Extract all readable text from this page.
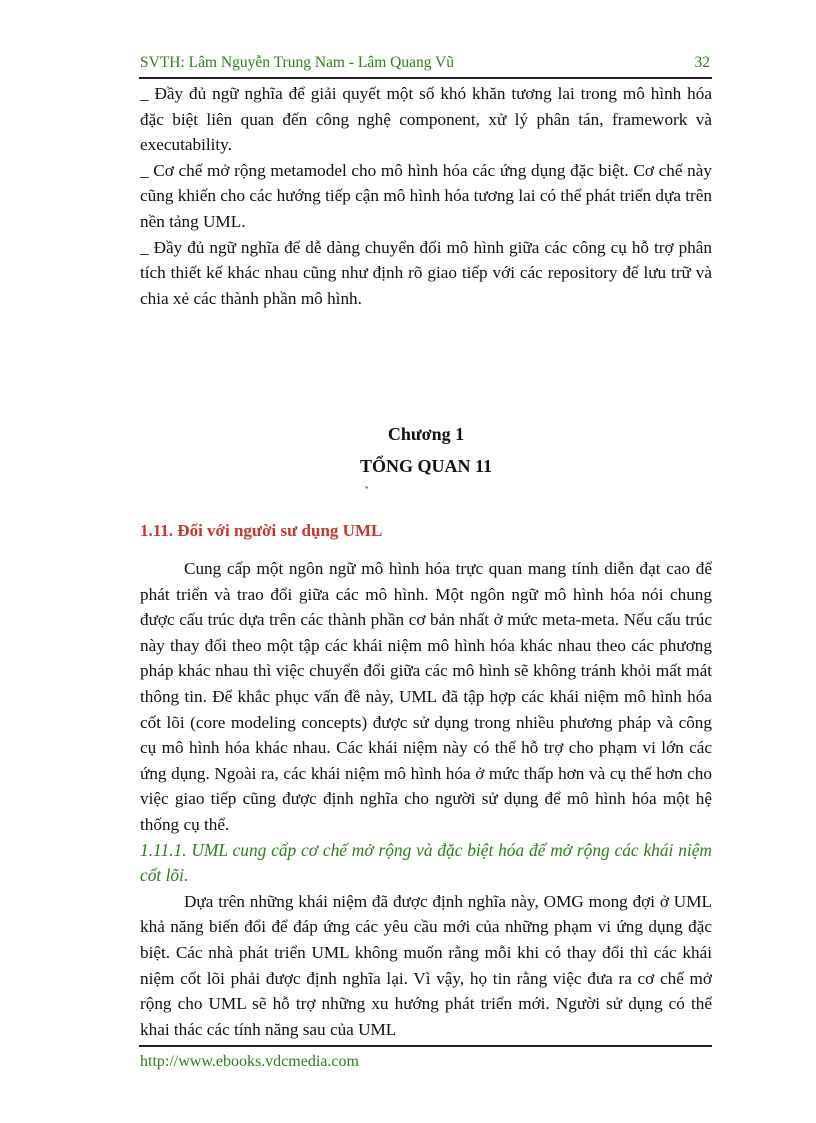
SVTH: Lâm Nguyễn Trung Nam - Lâm Quang Vũ	32

_ Đầy đủ ngữ nghĩa để giải quyết một số khó khăn tương lai trong mô hình hóa đặc biệt liên quan đến công nghệ component, xử lý phân tán, framework và executability.

_ Cơ chế mở rộng metamodel cho mô hình hóa các ứng dụng đặc biệt. Cơ chế này cũng khiến cho các hướng tiếp cận mô hình hóa tương lai có thể phát triển dựa trên nền tảng UML.

_ Đầy đủ ngữ nghĩa để dễ dàng chuyển đổi mô hình giữa các công cụ hỗ trợ phân tích thiết kế khác nhau cũng như định rõ giao tiếp với các repository để lưu trữ và chia xẻ các thành phần mô hình.

Chương 1
TỔNG QUAN 11
1.11. Đối với người sư dụng UML

Cung cấp một ngôn ngữ mô hình hóa trực quan mang tính diễn đạt cao để phát triển và trao đổi giữa các mô hình. Một ngôn ngữ mô hình hóa nói chung được cấu trúc dựa trên các thành phần cơ bản nhất ở mức meta-meta. Nếu cấu trúc này thay đổi theo một tập các khái niệm mô hình hóa khác nhau theo các phương pháp khác nhau thì việc chuyển đổi giữa các mô hình sẽ không tránh khỏi mất mát thông tin. Để khắc phục vấn đề này, UML đã tập hợp các khái niệm mô hình hóa cốt lõi (core modeling concepts) được sử dụng trong nhiều phương pháp và công cụ mô hình hóa khác nhau. Các khái niệm này có thể hỗ trợ cho phạm vi lớn các ứng dụng. Ngoài ra, các khái niệm mô hình hóa ở mức thấp hơn và cụ thể hơn cho việc giao tiếp cũng được định nghĩa cho người sử dụng để mô hình hóa một hệ thống cụ thể.

1.11.1. UML cung cấp cơ chế mở rộng và đặc biệt hóa để mở rộng các khái niệm cốt lõi.

Dựa trên những khái niệm đã được định nghĩa này, OMG mong đợi ở UML khả năng biến đổi để đáp ứng các yêu cầu mới của những phạm vi ứng dụng đặc biệt. Các nhà phát triển UML không muốn rằng mỗi khi có thay đổi thì các khái niệm cốt lõi phải được định nghĩa lại. Vì vậy, họ tin rằng việc đưa ra cơ chế mở rộng cho UML sẽ hỗ trợ những xu hướng phát triển mới. Người sử dụng có thể khai thác các tính năng sau của UML

http://www.ebooks.vdcmedia.com
